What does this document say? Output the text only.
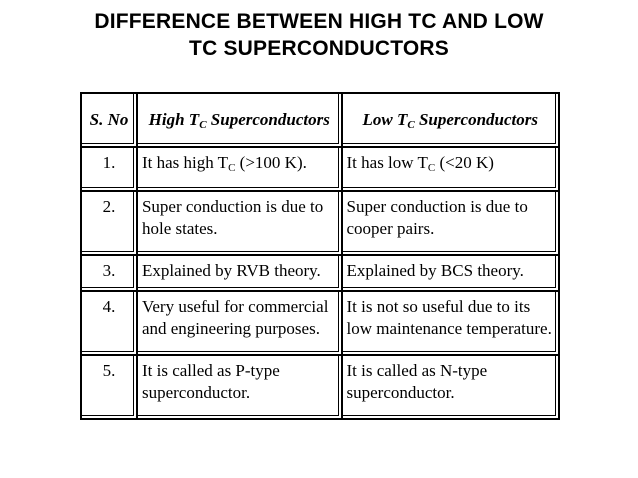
DIFFERENCE BETWEEN HIGH TC AND LOW
TC SUPERCONDUCTORS
S. No	High $T_C$ Superconductors	Low $T_C$ Superconductors

1.	It has high $T_C$ (>100 K).	It has low $T_C$ (<20 K)

2.	Super conduction is due to hole states.	Super conduction is due to cooper pairs.

3.	Explained by RVB theory.	Explained by BCS theory.

4.	Very useful for commercial and engineering purposes.	It is not so useful due to its low maintenance temperature.

5.	It is called as P-type superconductor.	It is called as N-type superconductor.
